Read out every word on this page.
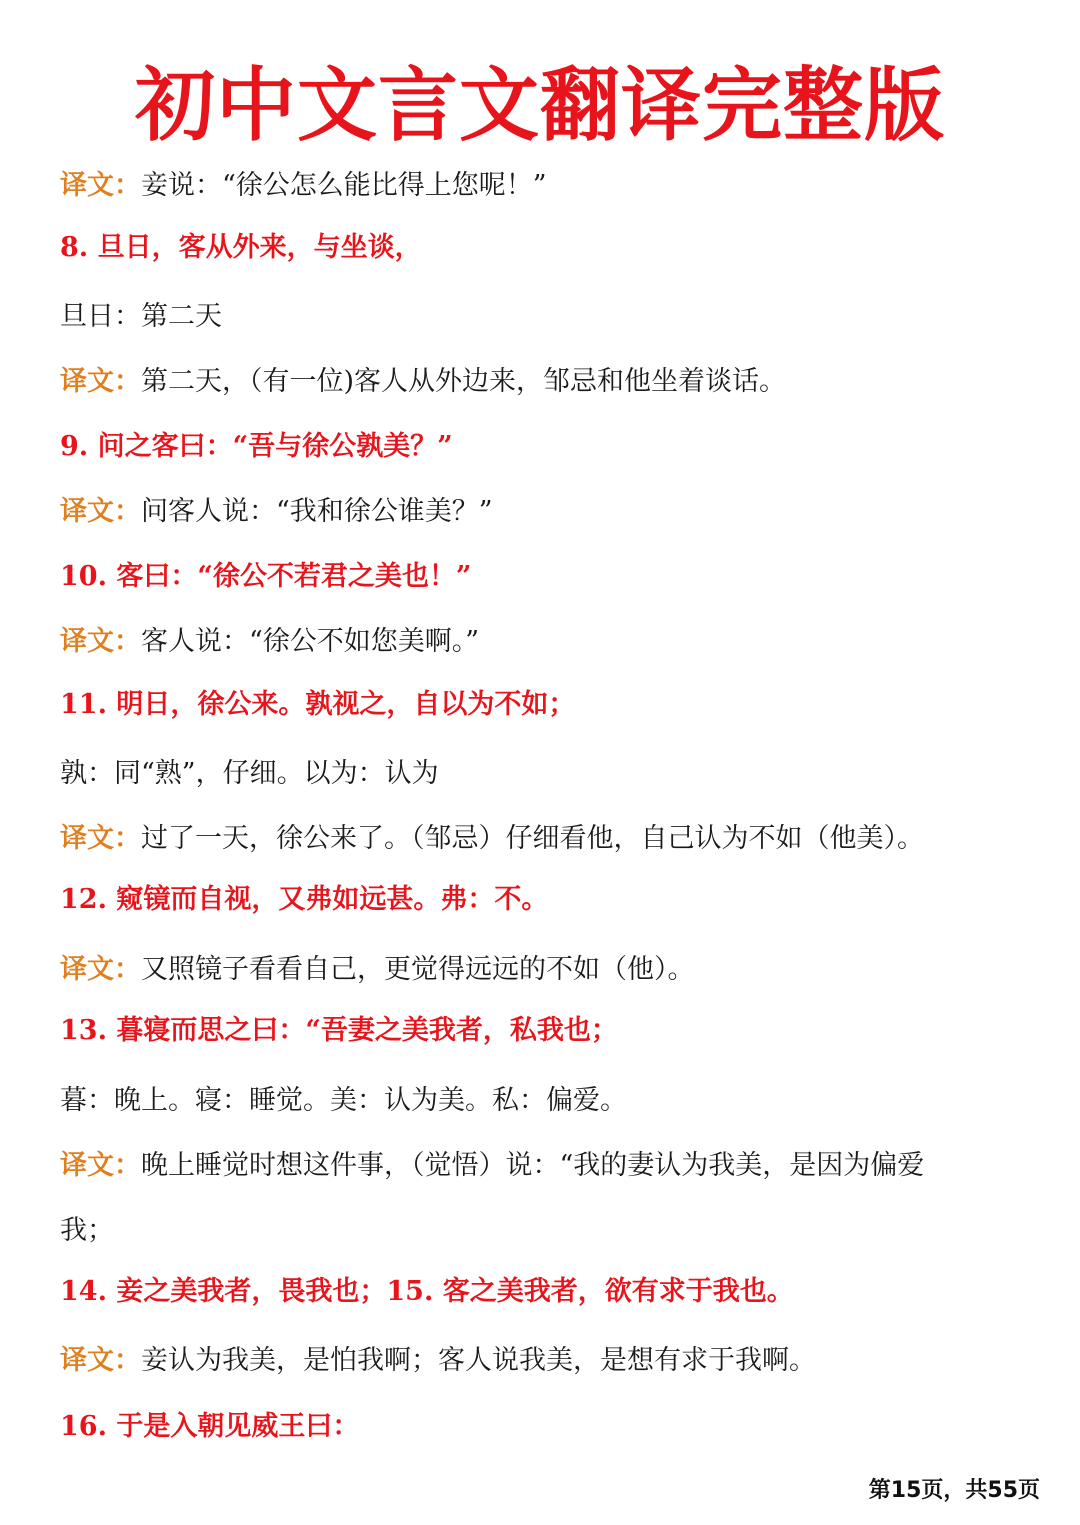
初中文言文翻译完整版
译文：妾说：“徐公怎么能比得上您呢！”
8. 旦日，客从外来，与坐谈，
旦日：第二天
译文：第二天，（有一位)客人从外边来，邹忌和他坐着谈话。
9. 问之客曰：“吾与徐公孰美？”
译文：问客人说：“我和徐公谁美？”
10. 客曰：“徐公不若君之美也！”
译文：客人说：“徐公不如您美啊。”
11. 明日，徐公来。孰视之，自以为不如；
孰：同“熟”，仔细。以为：认为
译文：过了一天，徐公来了。（邹忌）仔细看他，自己认为不如（他美）。
12. 窥镜而自视，又弗如远甚。弗：不。
译文：又照镜子看看自己，更觉得远远的不如（他）。
13. 暮寝而思之曰：“吾妻之美我者，私我也；
暮：晚上。寝：睡觉。美：认为美。私：偏爱。
译文：晚上睡觉时想这件事，（觉悟）说：“我的妻认为我美，是因为偏爱
我；
14. 妾之美我者，畏我也；15. 客之美我者，欲有求于我也。
译文：妾认为我美，是怕我啊；客人说我美，是想有求于我啊。
16. 于是入朝见威王曰：
第15页，共55页
